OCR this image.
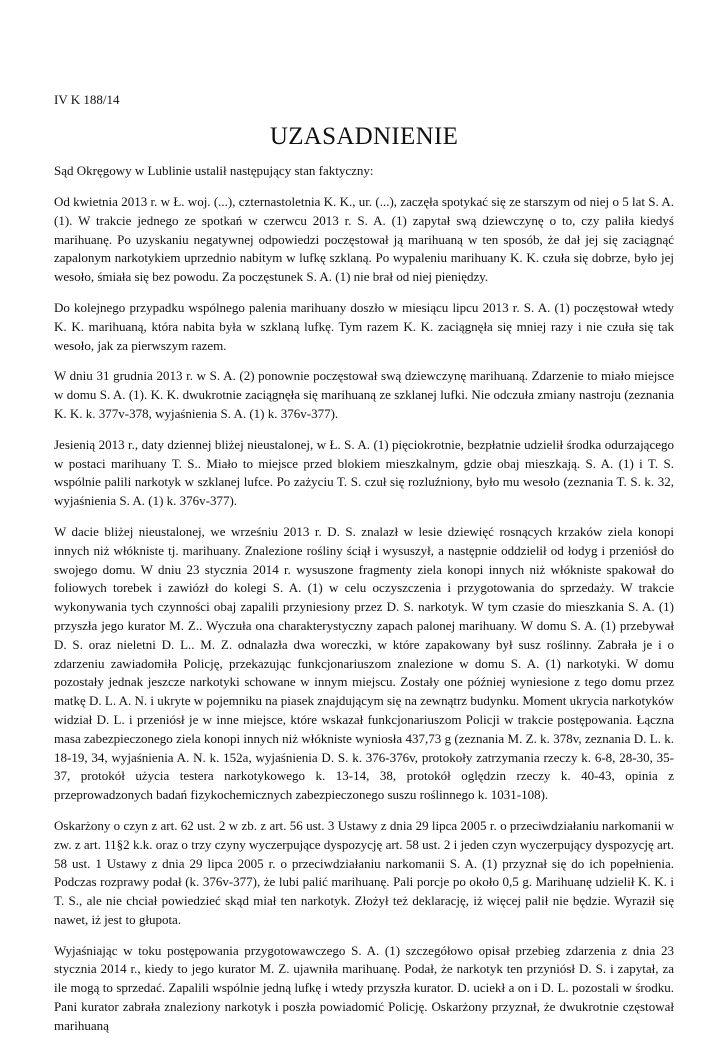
IV K 188/14

UZASADNIENIE

Sąd Okręgowy w Lublinie ustalił następujący stan faktyczny:

Od kwietnia 2013 r. w Ł. woj. (...), czternastoletnia K. K., ur. (...), zaczęła spotykać się ze starszym od niej o 5 lat S. A. (1). W trakcie jednego ze spotkań w czerwcu 2013 r. S. A. (1) zapytał swą dziewczynę o to, czy paliła kiedyś marihuanę. Po uzyskaniu negatywnej odpowiedzi poczęstował ją marihuaną w ten sposób, że dał jej się zaciągnąć zapalonym narkotykiem uprzednio nabitym w lufkę szklaną. Po wypaleniu marihuany K. K. czuła się dobrze, było jej wesoło, śmiała się bez powodu. Za poczęstunek S. A. (1) nie brał od niej pieniędzy.

Do kolejnego przypadku wspólnego palenia marihuany doszło w miesiącu lipcu 2013 r. S. A. (1) poczęstował wtedy K. K. marihuaną, która nabita była w szklaną lufkę. Tym razem K. K. zaciągnęła się mniej razy i nie czuła się tak wesoło, jak za pierwszym razem.

W dniu 31 grudnia 2013 r. w S. A. (2) ponownie poczęstował swą dziewczynę marihuaną. Zdarzenie to miało miejsce w domu S. A. (1). K. K. dwukrotnie zaciągnęła się marihuaną ze szklanej lufki. Nie odczuła zmiany nastroju (zeznania K. K. k. 377v-378, wyjaśnienia S. A. (1) k. 376v-377).

Jesienią 2013 r., daty dziennej bliżej nieustalonej, w Ł. S. A. (1) pięciokrotnie, bezpłatnie udzielił środka odurzającego w postaci marihuany T. S.. Miało to miejsce przed blokiem mieszkalnym, gdzie obaj mieszkają. S. A. (1) i T. S. wspólnie palili narkotyk w szklanej lufce. Po zażyciu T. S. czuł się rozluźniony, było mu wesoło (zeznania T. S. k. 32, wyjaśnienia S. A. (1) k. 376v-377).

W dacie bliżej nieustalonej, we wrześniu 2013 r. D. S. znalazł w lesie dziewięć rosnących krzaków ziela konopi innych niż włókniste tj. marihuany. Znalezione rośliny ściął i wysuszył, a następnie oddzielił od łodyg i przeniósł do swojego domu. W dniu 23 stycznia 2014 r. wysuszone fragmenty ziela konopi innych niż włókniste spakował do foliowych torebek i zawiózł do kolegi S. A. (1) w celu oczyszczenia i przygotowania do sprzedaży. W trakcie wykonywania tych czynności obaj zapalili przyniesiony przez D. S. narkotyk. W tym czasie do mieszkania S. A. (1) przyszła jego kurator M. Z.. Wyczuła ona charakterystyczny zapach palonej marihuany. W domu S. A. (1) przebywał D. S. oraz nieletni D. L.. M. Z. odnalazła dwa woreczki, w które zapakowany był susz roślinny. Zabrała je i o zdarzeniu zawiadomiła Policję, przekazując funkcjonariuszom znalezione w domu S. A. (1) narkotyki. W domu pozostały jednak jeszcze narkotyki schowane w innym miejscu. Zostały one później wyniesione z tego domu przez matkę D. L. A. N. i ukryte w pojemniku na piasek znajdującym się na zewnątrz budynku. Moment ukrycia narkotyków widział D. L. i przeniósł je w inne miejsce, które wskazał funkcjonariuszom Policji w trakcie postępowania. Łączna masa zabezpieczonego ziela konopi innych niż włókniste wyniosła 437,73 g (zeznania M. Z. k. 378v, zeznania D. L. k. 18-19, 34, wyjaśnienia A. N. k. 152a, wyjaśnienia D. S. k. 376-376v, protokoły zatrzymania rzeczy k. 6-8, 28-30, 35-37, protokół użycia testera narkotykowego k. 13-14, 38, protokół oględzin rzeczy k. 40-43, opinia z przeprowadzonych badań fizykochemicznych zabezpieczonego suszu roślinnego k. 1031-108).

Oskarżony o czyn z art. 62 ust. 2 w zb. z art. 56 ust. 3 Ustawy z dnia 29 lipca 2005 r. o przeciwdziałaniu narkomanii w zw. z art. 11§2 k.k. oraz o trzy czyny wyczerpujące dyspozycję art. 58 ust. 2 i jeden czyn wyczerpujący dyspozycję art. 58 ust. 1 Ustawy z dnia 29 lipca 2005 r. o przeciwdziałaniu narkomanii S. A. (1) przyznał się do ich popełnienia. Podczas rozprawy podał (k. 376v-377), że lubi palić marihuanę. Pali porcje po około 0,5 g. Marihuanę udzielił K. K. i T. S., ale nie chciał powiedzieć skąd miał ten narkotyk. Złożył też deklarację, iż więcej palił nie będzie. Wyraził się nawet, iż jest to głupota.

Wyjaśniając w toku postępowania przygotowawczego S. A. (1) szczegółowo opisał przebieg zdarzenia z dnia 23 stycznia 2014 r., kiedy to jego kurator M. Z. ujawniła marihuanę. Podał, że narkotyk ten przyniósł D. S. i zapytał, za ile mogą to sprzedać. Zapalili wspólnie jedną lufkę i wtedy przyszła kurator. D. uciekł a on i D. L. pozostali w środku. Pani kurator zabrała znaleziony narkotyk i poszła powiadomić Policję. Oskarżony przyznał, że dwukrotnie częstował marihuaną
